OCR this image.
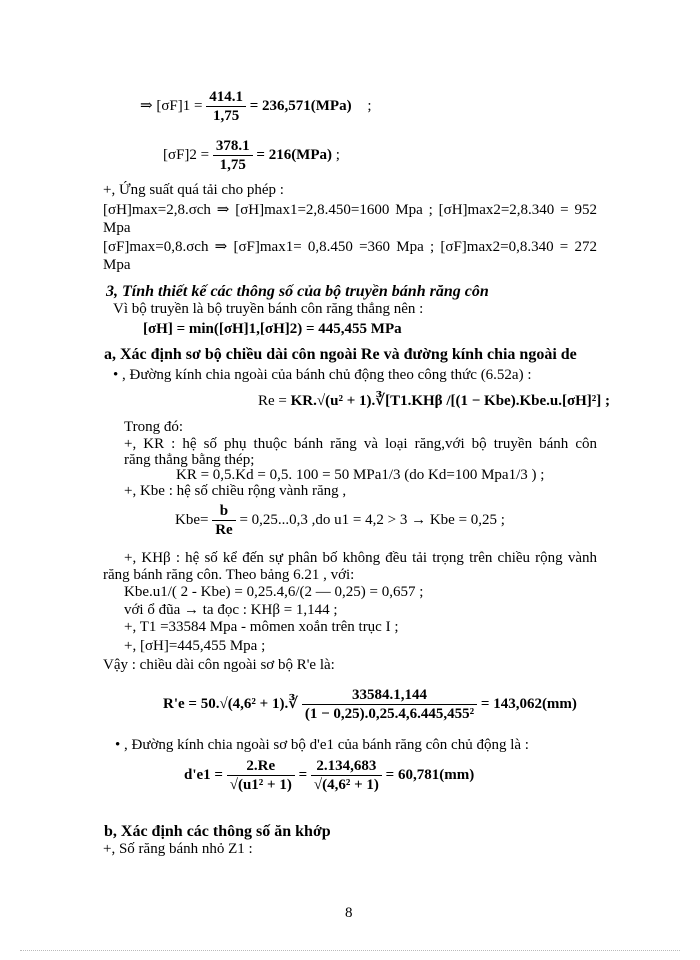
⇒ $[\sigma F]1 = \frac{414.1}{1,75} = 236,571(MPa)$ ;
$[\sigma F]2 = \frac{378.1}{1,75} = 216(MPa)$ ;
+, Ứng suất quá tải cho phép :
[σH]max=2,8.σch ⇒ [σH]max1=2,8.450=1600 Mpa ; [σH]max2=2,8.340 = 952
Mpa
[σF]max=0,8.σch ⇒ [σF]max1= 0,8.450 =360 Mpa ; [σF]max2=0,8.340 = 272
Mpa
3, Tính thiết kế các thông số của bộ truyền bánh răng côn
Vì bộ truyền là bộ truyền bánh côn răng thẳng nên :
[σH] = min([σH]1,[σH]2) = 445,455 MPa
a, Xác định sơ bộ chiều dài côn ngoài Re và đường kính chia ngoài de
• , Đường kính chia ngoài của bánh chủ động theo công thức (6.52a) :
Re = KR.√(u² + 1).∛[T1.KHβ /[(1 − Kbe).Kbe.u.[σH]²] ;
Trong đó:
+, KR : hệ số phụ thuộc bánh răng và loại răng,với bộ truyền bánh côn
răng thẳng bằng thép;
KR = 0,5.Kd = 0,5. 100 = 50 MPa1/3 (do Kd=100 Mpa1/3 ) ;
+, Kbe : hệ số chiều rộng vành răng ,
$Kbe= \frac{b}{Re} = 0,25...0,3$ ,do u1 = 4,2 > 3 → Kbe = 0,25 ;
+, KHβ : hệ số kể đến sự phân bố không đều tải trọng trên chiều rộng vành
răng bánh răng côn. Theo bảng 6.21 , với:
Kbe.u1/( 2 - Kbe) = 0,25.4,6/(2 — 0,25) = 0,657 ;
với ổ đũa → ta đọc : KHβ = 1,144 ;
+, T1 =33584 Mpa - mômen xoắn trên trục I ;
+, [σH]=445,455 Mpa ;
Vậy : chiều dài côn ngoài sơ bộ R'e là:
R'e = 50.√(4,6² + 1).∛ $\frac{33584.1,144}{\text{(1 − 0,25).0,25.4,6.445,455²}} = 143,062(mm)$
• , Đường kính chia ngoài sơ bộ d'e1 của bánh răng côn chủ động là :
$d'e1 = \frac{2.Re}{\text{√(u1² + 1)}} = \frac{2.134,683}{\text{√(4,6² + 1)}} = 60,781(mm)$
b, Xác định các thông số ăn khớp
+, Số răng bánh nhỏ Z1 :
8
